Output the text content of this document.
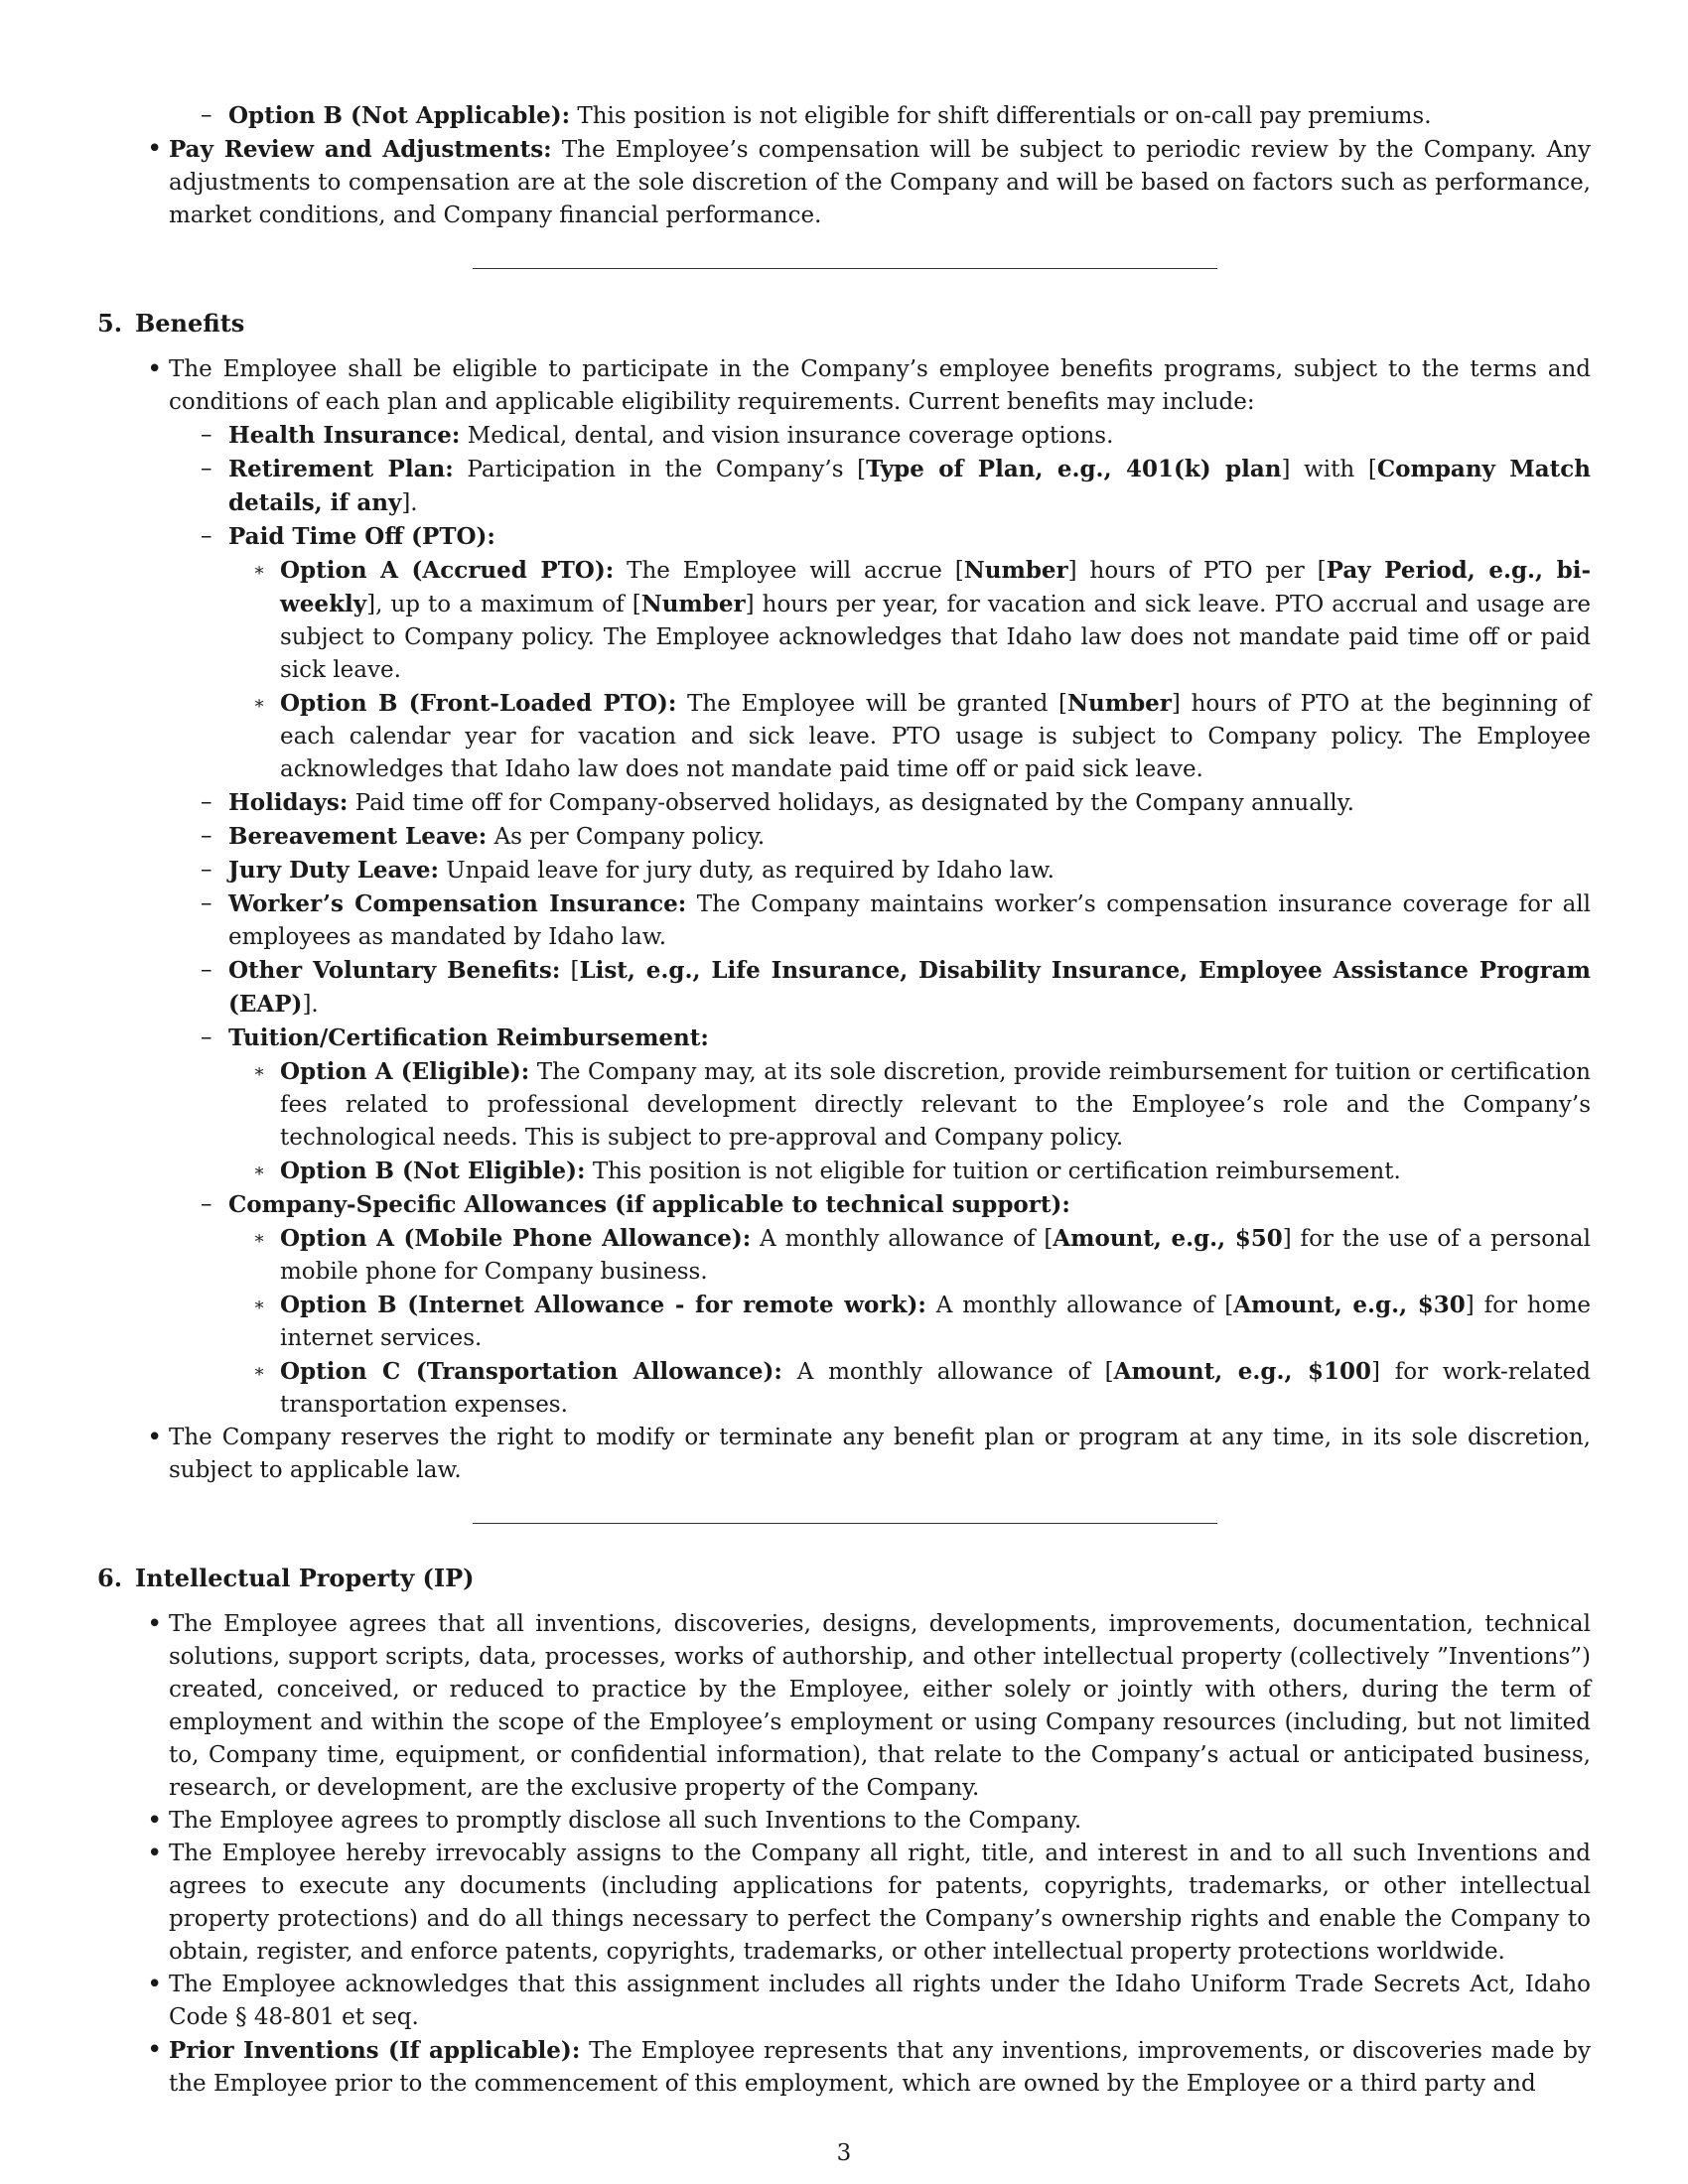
– Option B (Not Applicable): This position is not eligible for shift differentials or on-call pay premiums.
• Pay Review and Adjustments: The Employee’s compensation will be subject to periodic review by the Company. Any adjustments to compensation are at the sole discretion of the Company and will be based on factors such as performance, market conditions, and Company financial performance.
5. Benefits
• The Employee shall be eligible to participate in the Company’s employee benefits programs, subject to the terms and conditions of each plan and applicable eligibility requirements. Current benefits may include:
– Health Insurance: Medical, dental, and vision insurance coverage options.
– Retirement Plan: Participation in the Company’s [Type of Plan, e.g., 401(k) plan] with [Company Match details, if any].
– Paid Time Off (PTO):
∗ Option A (Accrued PTO): The Employee will accrue [Number] hours of PTO per [Pay Period, e.g., bi-weekly], up to a maximum of [Number] hours per year, for vacation and sick leave. PTO accrual and usage are subject to Company policy. The Employee acknowledges that Idaho law does not mandate paid time off or paid sick leave.
∗ Option B (Front-Loaded PTO): The Employee will be granted [Number] hours of PTO at the beginning of each calendar year for vacation and sick leave. PTO usage is subject to Company policy. The Employee acknowledges that Idaho law does not mandate paid time off or paid sick leave.
– Holidays: Paid time off for Company-observed holidays, as designated by the Company annually.
– Bereavement Leave: As per Company policy.
– Jury Duty Leave: Unpaid leave for jury duty, as required by Idaho law.
– Worker’s Compensation Insurance: The Company maintains worker’s compensation insurance coverage for all employees as mandated by Idaho law.
– Other Voluntary Benefits: [List, e.g., Life Insurance, Disability Insurance, Employee Assistance Program (EAP)].
– Tuition/Certification Reimbursement:
∗ Option A (Eligible): The Company may, at its sole discretion, provide reimbursement for tuition or certification fees related to professional development directly relevant to the Employee’s role and the Company’s technological needs. This is subject to pre-approval and Company policy.
∗ Option B (Not Eligible): This position is not eligible for tuition or certification reimbursement.
– Company-Specific Allowances (if applicable to technical support):
∗ Option A (Mobile Phone Allowance): A monthly allowance of [Amount, e.g., $50] for the use of a personal mobile phone for Company business.
∗ Option B (Internet Allowance - for remote work): A monthly allowance of [Amount, e.g., $30] for home internet services.
∗ Option C (Transportation Allowance): A monthly allowance of [Amount, e.g., $100] for work-related transportation expenses.
• The Company reserves the right to modify or terminate any benefit plan or program at any time, in its sole discretion, subject to applicable law.
6. Intellectual Property (IP)
• The Employee agrees that all inventions, discoveries, designs, developments, improvements, documentation, technical solutions, support scripts, data, processes, works of authorship, and other intellectual property (collectively ”Inventions”) created, conceived, or reduced to practice by the Employee, either solely or jointly with others, during the term of employment and within the scope of the Employee’s employment or using Company resources (including, but not limited to, Company time, equipment, or confidential information), that relate to the Company’s actual or anticipated business, research, or development, are the exclusive property of the Company.
• The Employee agrees to promptly disclose all such Inventions to the Company.
• The Employee hereby irrevocably assigns to the Company all right, title, and interest in and to all such Inventions and agrees to execute any documents (including applications for patents, copyrights, trademarks, or other intellectual property protections) and do all things necessary to perfect the Company’s ownership rights and enable the Company to obtain, register, and enforce patents, copyrights, trademarks, or other intellectual property protections worldwide.
• The Employee acknowledges that this assignment includes all rights under the Idaho Uniform Trade Secrets Act, Idaho Code § 48-801 et seq.
• Prior Inventions (If applicable): The Employee represents that any inventions, improvements, or discoveries made by the Employee prior to the commencement of this employment, which are owned by the Employee or a third party and
3
